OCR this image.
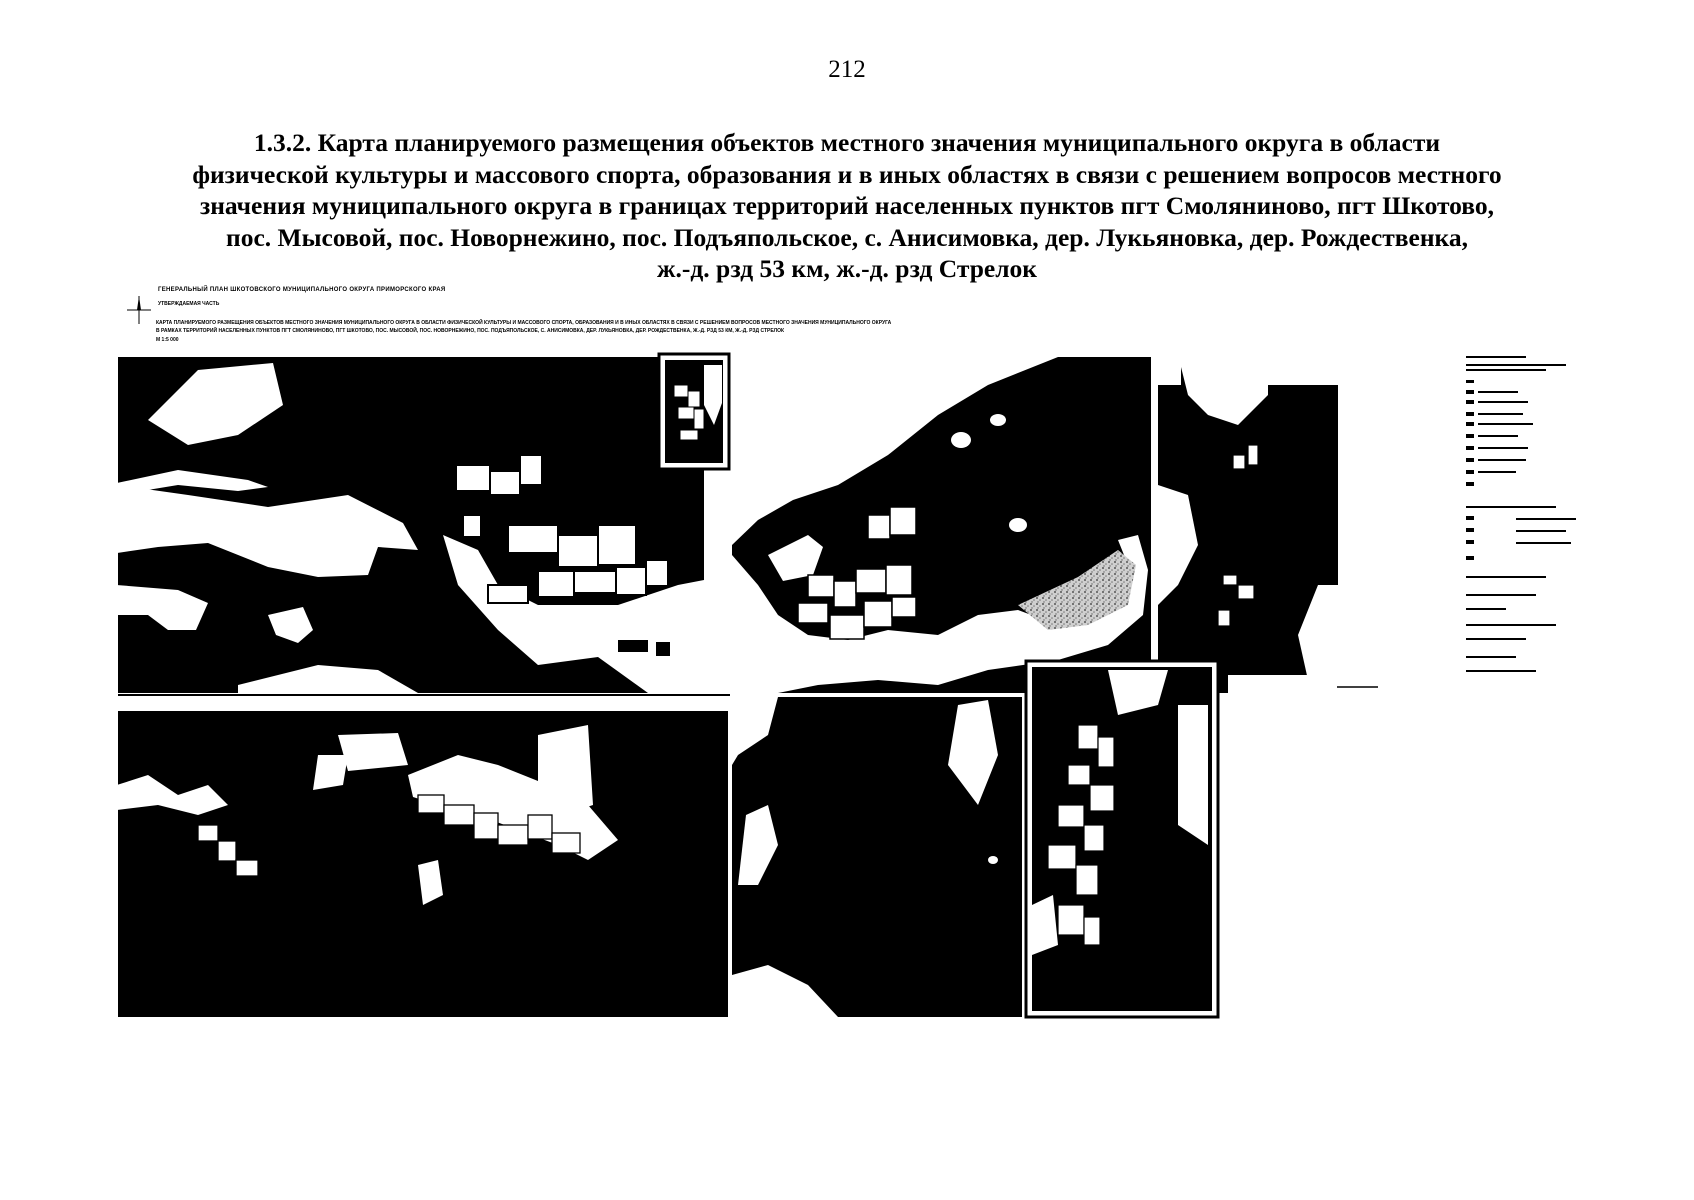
212
1.3.2. Карта планируемого размещения объектов местного значения муниципального округа в области
физической культуры и массового спорта, образования и в иных областях в связи с решением вопросов местного
значения муниципального округа в границах территорий населенных пунктов пгт Смоляниново, пгт Шкотово,
пос. Мысовой, пос. Новорнежино, пос. Подъяпольское, с. Анисимовка, дер. Лукьяновка, дер. Рождественка,
ж.-д. рзд 53 км, ж.-д. рзд Стрелок
ГЕНЕРАЛЬНЫЙ ПЛАН ШКОТОВСКОГО МУНИЦИПАЛЬНОГО ОКРУГА ПРИМОРСКОГО КРАЯ
УТВЕРЖДАЕМАЯ ЧАСТЬ
КАРТА ПЛАНИРУЕМОГО РАЗМЕЩЕНИЯ ОБЪЕКТОВ МЕСТНОГО ЗНАЧЕНИЯ МУНИЦИПАЛЬНОГО ОКРУГА В ОБЛАСТИ ФИЗИЧЕСКОЙ КУЛЬТУРЫ И МАССОВОГО СПОРТА, ОБРАЗОВАНИЯ И В ИНЫХ ОБЛАСТЯХ В СВЯЗИ С РЕШЕНИЕМ ВОПРОСОВ МЕСТНОГО ЗНАЧЕНИЯ МУНИЦИПАЛЬНОГО ОКРУГА
В РАМКАХ ТЕРРИТОРИЙ НАСЕЛЕННЫХ ПУНКТОВ ПГТ СМОЛЯНИНОВО, ПГТ ШКОТОВО, ПОС. МЫСОВОЙ, ПОС. НОВОРНЕЖИНО, ПОС. ПОДЪЯПОЛЬСКОЕ, С. АНИСИМОВКА, ДЕР. ЛУКЬЯНОВКА, ДЕР. РОЖДЕСТВЕНКА, Ж.-Д. РЗД 53 КМ, Ж.-Д. РЗД СТРЕЛОК
М 1:5 000
